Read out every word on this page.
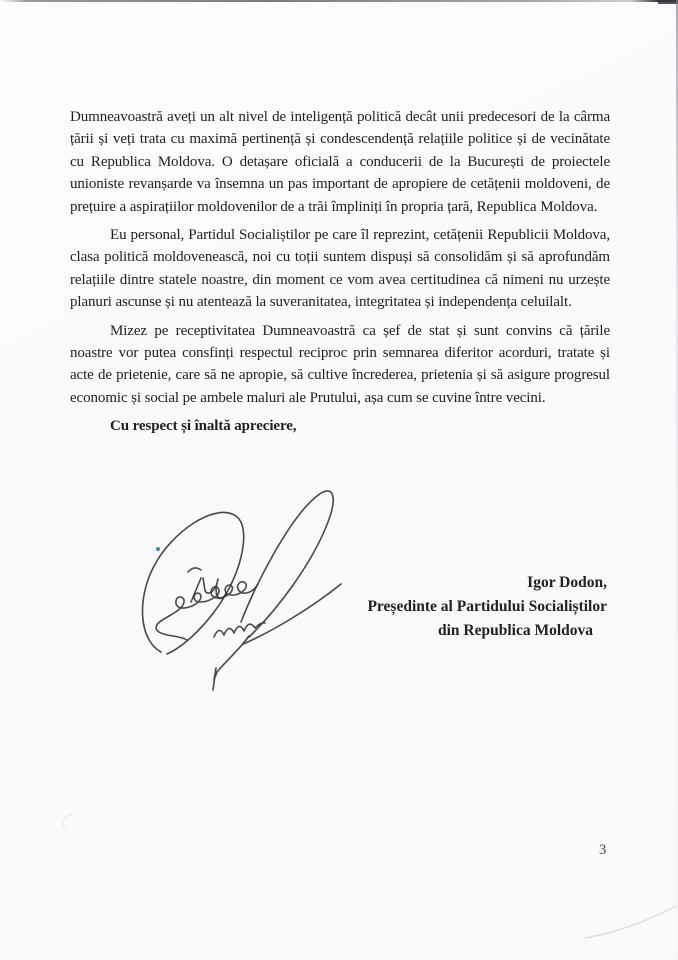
Dumneavoastră aveți un alt nivel de inteligență politică decât unii predecesori de la cârma țării și veți trata cu maximă pertinență și condescendență relațiile politice și de vecinătate cu Republica Moldova. O detașare oficială a conducerii de la București de proiectele unioniste revanșarde va însemna un pas important de apropiere de cetățenii moldoveni, de prețuire a aspirațiilor moldovenilor de a trăi împliniți în propria țară, Republica Moldova.

Eu personal, Partidul Socialiștilor pe care îl reprezint, cetățenii Republicii Moldova, clasa politică moldovenească, noi cu toții suntem dispuși să consolidăm și să aprofundăm relațiile dintre statele noastre, din moment ce vom avea certitudinea că nimeni nu urzește planuri ascunse și nu atentează la suveranitatea, integritatea și independența celuilalt.

Mizez pe receptivitatea Dumneavoastră ca șef de stat și sunt convins că țările noastre vor putea consfinți respectul reciproc prin semnarea diferitor acorduri, tratate și acte de prietenie, care să ne apropie, să cultive încrederea, prietenia și să asigure progresul economic și social pe ambele maluri ale Prutului, așa cum se cuvine între vecini.

Cu respect și înaltă apreciere,

Igor Dodon,
Președinte al Partidului Socialiștilor
din Republica Moldova
3
